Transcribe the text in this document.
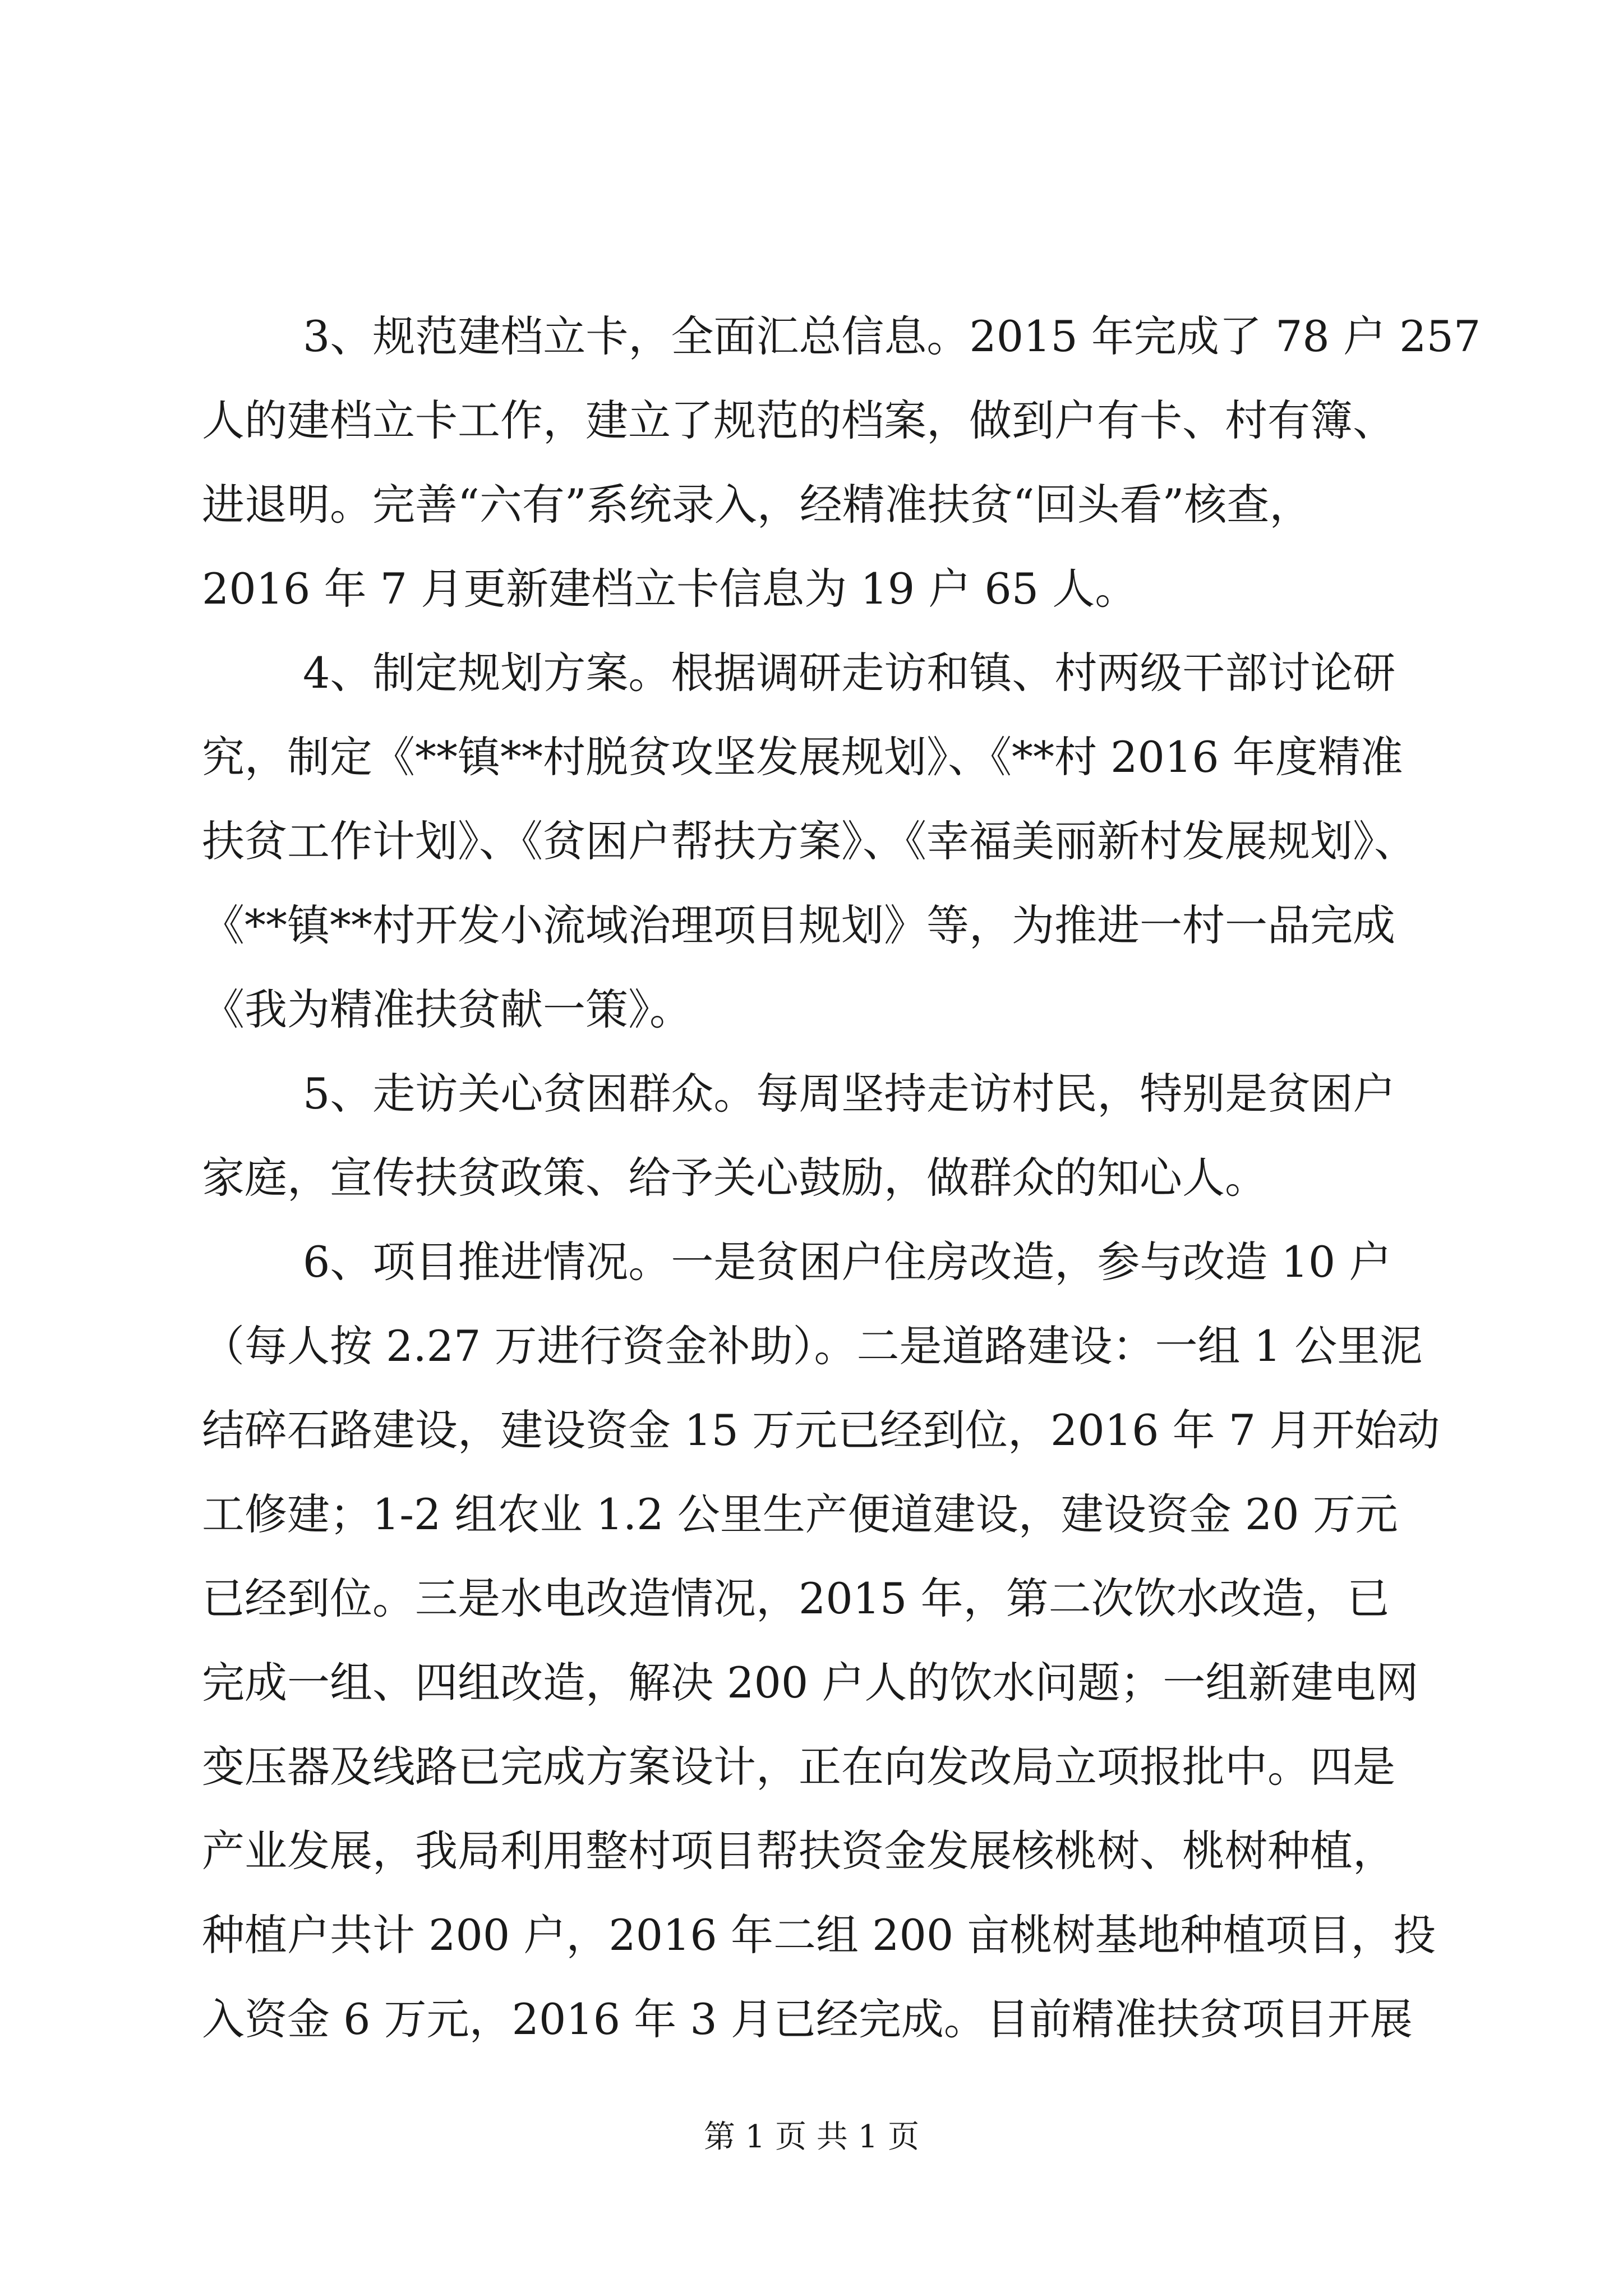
3、规范建档立卡，全面汇总信息。2015 年完成了 78 户 257
人的建档立卡工作，建立了规范的档案，做到户有卡、村有簿、
进退明。完善“六有”系统录入，经精准扶贫“回头看”核查，
2016 年 7 月更新建档立卡信息为 19 户 65 人。
4、制定规划方案。根据调研走访和镇、村两级干部讨论研
究，制定《**镇**村脱贫攻坚发展规划》、《**村 2016 年度精准
扶贫工作计划》、《贫困户帮扶方案》、《幸福美丽新村发展规划》、
《**镇**村开发小流域治理项目规划》等，为推进一村一品完成
《我为精准扶贫献一策》。
5、走访关心贫困群众。每周坚持走访村民，特别是贫困户
家庭，宣传扶贫政策、给予关心鼓励，做群众的知心人。
6、项目推进情况。一是贫困户住房改造，参与改造 10 户
（每人按 2.27 万进行资金补助）。二是道路建设：一组 1 公里泥
结碎石路建设，建设资金 15 万元已经到位，2016 年 7 月开始动
工修建；1-2 组农业 1.2 公里生产便道建设，建设资金 20 万元
已经到位。三是水电改造情况，2015 年，第二次饮水改造，已
完成一组、四组改造，解决 200 户人的饮水问题；一组新建电网
变压器及线路已完成方案设计，正在向发改局立项报批中。四是
产业发展，我局利用整村项目帮扶资金发展核桃树、桃树种植，
种植户共计 200 户，2016 年二组 200 亩桃树基地种植项目，投
入资金 6 万元，2016 年 3 月已经完成。目前精准扶贫项目开展
第 1 页 共 1 页
